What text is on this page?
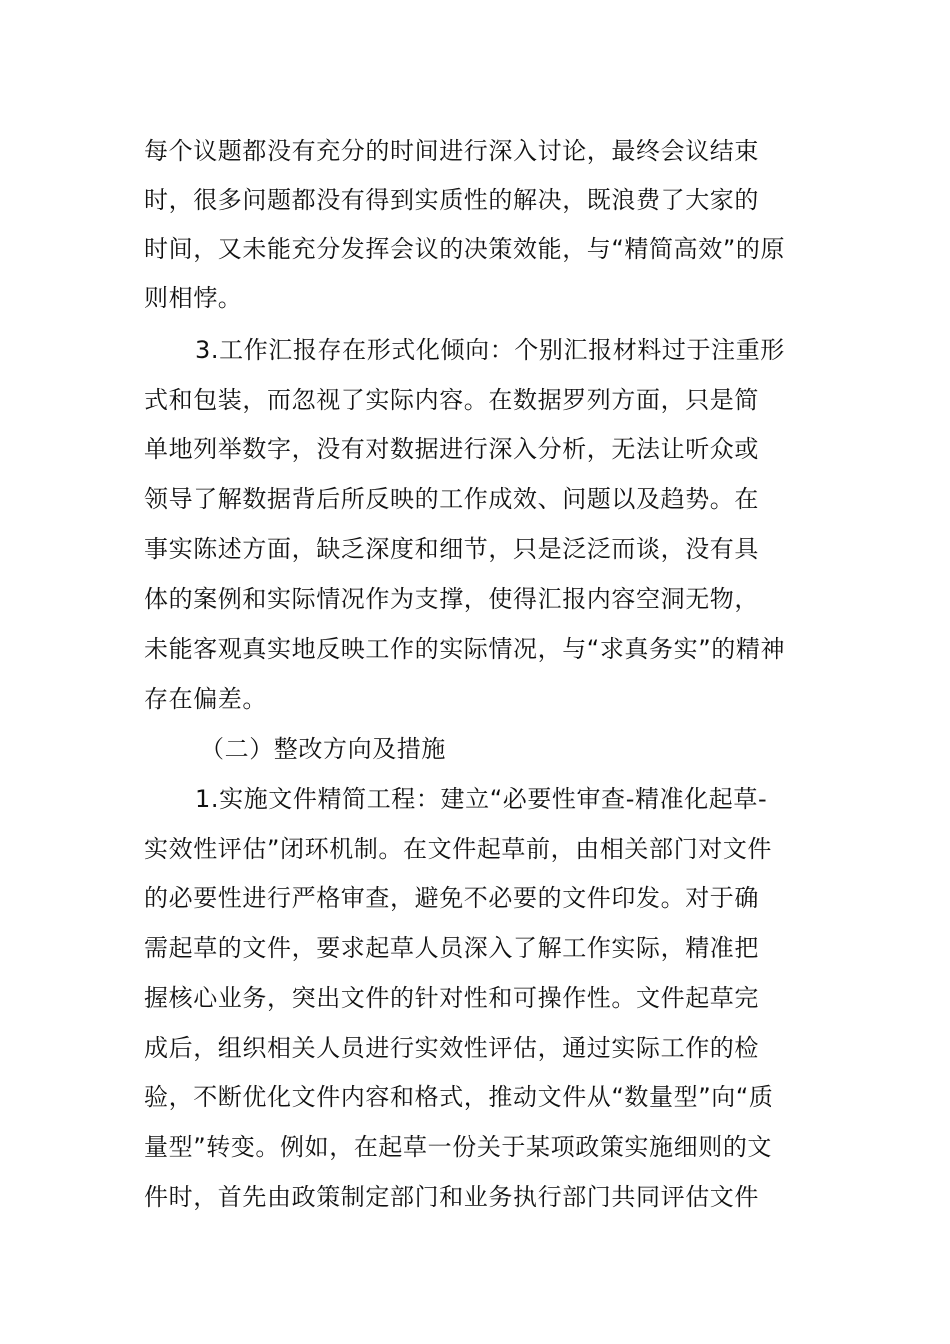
每个议题都没有充分的时间进行深入讨论，最终会议结束
时，很多问题都没有得到实质性的解决，既浪费了大家的
时间，又未能充分发挥会议的决策效能，与“精简高效”的原
则相悖。
3.工作汇报存在形式化倾向：个别汇报材料过于注重形
式和包装，而忽视了实际内容。在数据罗列方面，只是简
单地列举数字，没有对数据进行深入分析，无法让听众或
领导了解数据背后所反映的工作成效、问题以及趋势。在
事实陈述方面，缺乏深度和细节，只是泛泛而谈，没有具
体的案例和实际情况作为支撑，使得汇报内容空洞无物，
未能客观真实地反映工作的实际情况，与“求真务实”的精神
存在偏差。
（二）整改方向及措施
1.实施文件精简工程：建立“必要性审查-精准化起草-
实效性评估”闭环机制。在文件起草前，由相关部门对文件
的必要性进行严格审查，避免不必要的文件印发。对于确
需起草的文件，要求起草人员深入了解工作实际，精准把
握核心业务，突出文件的针对性和可操作性。文件起草完
成后，组织相关人员进行实效性评估，通过实际工作的检
验，不断优化文件内容和格式，推动文件从“数量型”向“质
量型”转变。例如，在起草一份关于某项政策实施细则的文
件时，首先由政策制定部门和业务执行部门共同评估文件
